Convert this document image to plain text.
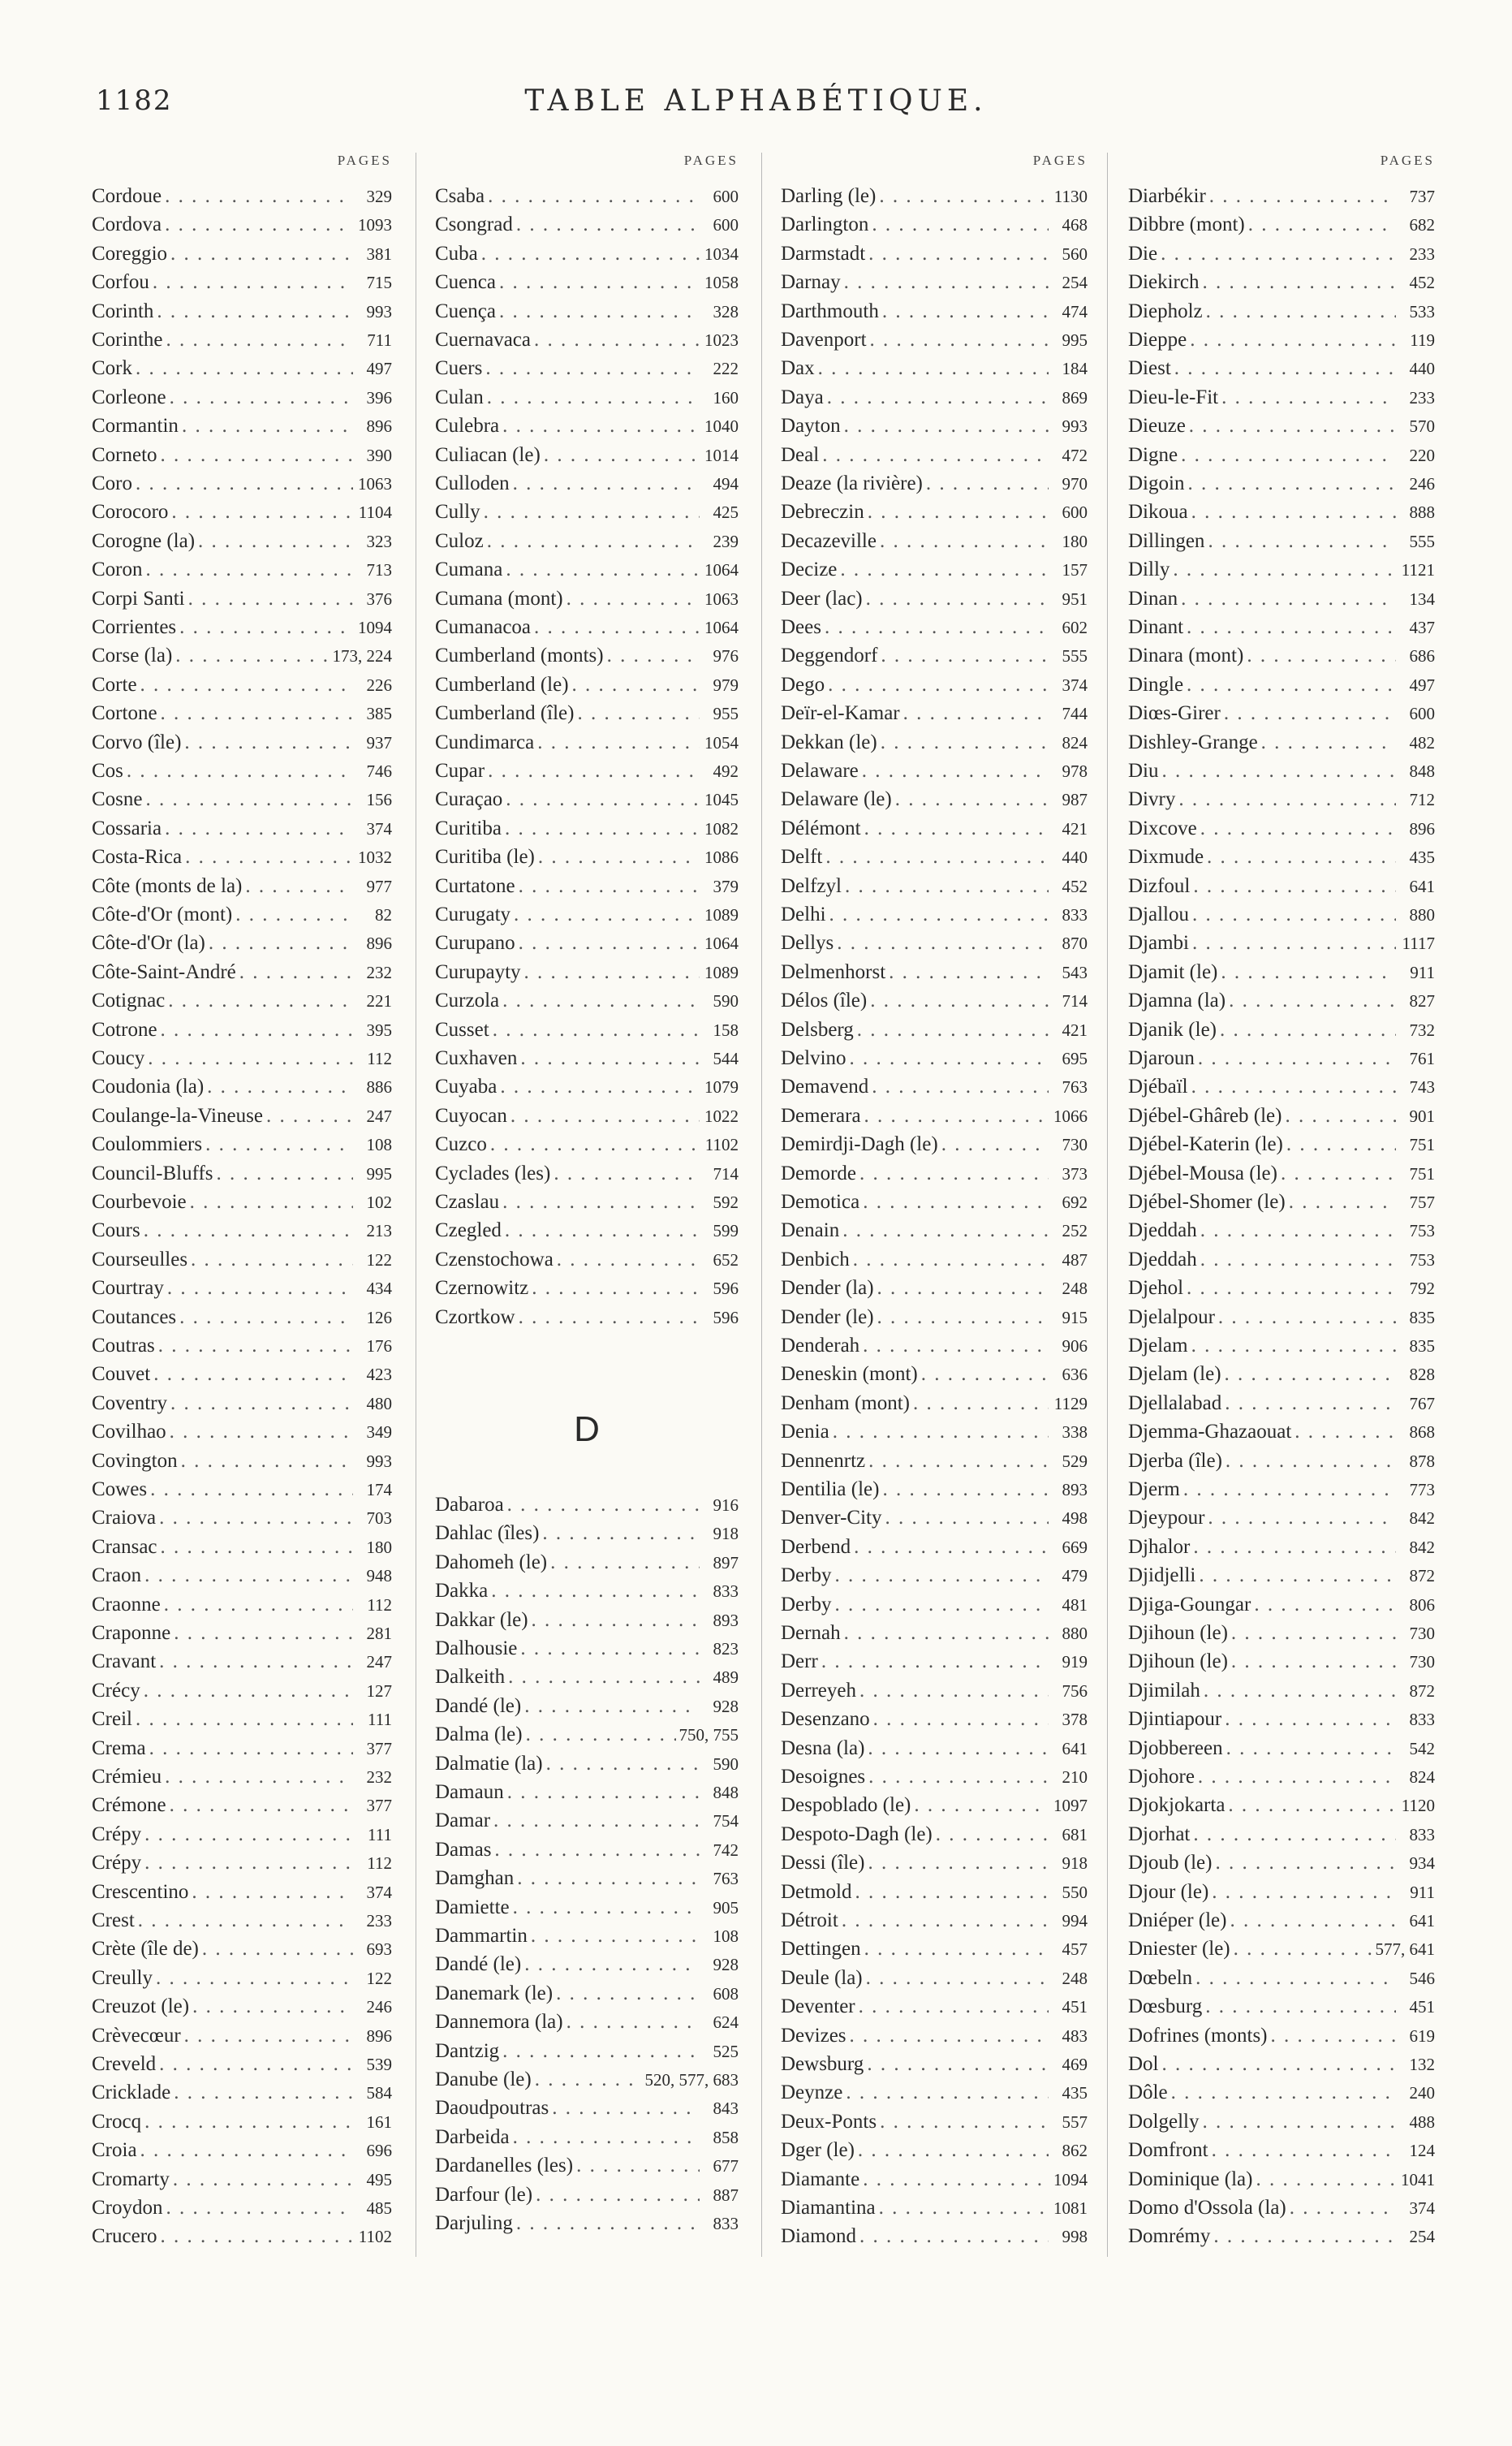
1182	TABLE ALPHABÉTIQUE.
PAGES
Cordoue . . .	329
Cordova . . .	1093
Coreggio . . .	381
Corfou . . .	715
Corinth . . .	993
Corinthe . . .	711
Cork . . .	497
Corleone . . .	396
Cormantin . . .	896
Corneto . . .	390
Coro . . .	1063
Corocoro . . .	1104
Corogne (la) . . .	323
Coron . . .	713
Corpi Santi . . .	376
Corrientes . . .	1094
Corse (la) . . .	173, 224
Corte . . .	226
Cortone . . .	385
Corvo (île) . . .	937
Cos . . .	746
Cosne . . .	156
Cossaria . . .	374
Costa-Rica . . .	1032
Côte (monts de la) . . .	977
Côte-d'Or (mont) . . .	82
Côte-d'Or (la) . . .	896
Côte-Saint-André . . .	232
Cotignac . . .	221
Cotrone . . .	395
Coucy . . .	112
Coudonia (la) . . .	886
Coulange-la-Vineuse . . .	247
Coulommiers . . .	108
Council-Bluffs . . .	995
Courbevoie . . .	102
Cours . . .	213
Courseulles . . .	122
Courtray . . .	434
Coutances . . .	126
Coutras . . .	176
Couvet . . .	423
Coventry . . .	480
Covilhao . . .	349
Covington . . .	993
Cowes . . .	174
Craiova . . .	703
Cransac . . .	180
Craon . . .	948
Craonne . . .	112
Craponne . . .	281
Cravant . . .	247
Crécy . . .	127
Creil . . .	111
Crema . . .	377
Crémieu . . .	232
Crémone . . .	377
Crépy . . .	111
Crépy . . .	112
Crescentino . . .	374
Crest . . .	233
Crète (île de) . . .	693
Creully . . .	122
Creuzot (le) . . .	246
Crèvecœur . . .	896
Creveld . . .	539
Cricklade . . .	584
Crocq . . .	161
Croia . . .	696
Cromarty . . .	495
Croydon . . .	485
Crucero . . .	1102
PAGES
Csaba . . .	600
Csongrad . . .	600
Cuba . . .	1034
Cuenca . . .	1058
Cuença . . .	328
Cuernavaca . . .	1023
Cuers . . .	222
Culan . . .	160
Culebra . . .	1040
Culiacan (le) . . .	1014
Culloden . . .	494
Cully . . .	425
Culoz . . .	239
Cumana . . .	1064
Cumana (mont) . . .	1063
Cumanacoa . . .	1064
Cumberland (monts) . . .	976
Cumberland (le) . . .	979
Cumberland (île) . . .	955
Cundimarca . . .	1054
Cupar . . .	492
Curaçao . . .	1045
Curitiba . . .	1082
Curitiba (le) . . .	1086
Curtatone . . .	379
Curugaty . . .	1089
Curupano . . .	1064
Curupayty . . .	1089
Curzola . . .	590
Cusset . . .	158
Cuxhaven . . .	544
Cuyaba . . .	1079
Cuyocan . . .	1022
Cuzco . . .	1102
Cyclades (les) . . .	714
Czaslau . . .	592
Czegled . . .	599
Czenstochowa . . .	652
Czernowitz . . .	596
Czortkow . . .	596
D
Dabaroa . . .	916
Dahlac (îles) . . .	918
Dahomeh (le) . . .	897
Dakka . . .	833
Dakkar (le) . . .	893
Dalhousie . . .	823
Dalkeith . . .	489
Dandé (le) . . .	928
Dalma (le) . . .	750, 755
Dalmatie (la) . . .	590
Damaun . . .	848
Damar . . .	754
Damas . . .	742
Damghan . . .	763
Damiette . . .	905
Dammartin . . .	108
Dandé (le) . . .	928
Danemark (le) . . .	608
Dannemora (la) . . .	624
Dantzig . . .	525
Danube (le) . . .	520, 577, 683
Daoudpoutras . . .	843
Darbeida . . .	858
Dardanelles (les) . . .	677
Darfour (le) . . .	887
Darjuling . . .	833
PAGES
Darling (le) . . .	1130
Darlington . . .	468
Darmstadt . . .	560
Darnay . . .	254
Darthmouth . . .	474
Davenport . . .	995
Dax . . .	184
Daya . . .	869
Dayton . . .	993
Deal . . .	472
Deaze (la rivière) . . .	970
Debreczin . . .	600
Decazeville . . .	180
Decize . . .	157
Deer (lac) . . .	951
Dees . . .	602
Deggendorf . . .	555
Dego . . .	374
Deïr-el-Kamar . . .	744
Dekkan (le) . . .	824
Delaware . . .	978
Delaware (le) . . .	987
Délémont . . .	421
Delft . . .	440
Delfzyl . . .	452
Delhi . . .	833
Dellys . . .	870
Delmenhorst . . .	543
Délos (île) . . .	714
Delsberg . . .	421
Delvino . . .	695
Demavend . . .	763
Demerara . . .	1066
Demirdji-Dagh (le) . . .	730
Demorde . . .	373
Demotica . . .	692
Denain . . .	252
Denbich . . .	487
Dender (la) . . .	248
Dender (le) . . .	915
Denderah . . .	906
Deneskin (mont) . . .	636
Denham (mont) . . .	1129
Denia . . .	338
Dennenrtz . . .	529
Dentilia (le) . . .	893
Denver-City . . .	498
Derbend . . .	669
Derby . . .	479
Derby . . .	481
Dernah . . .	880
Derr . . .	919
Derreyeh . . .	756
Desenzano . . .	378
Desna (la) . . .	641
Desoignes . . .	210
Despoblado (le) . . .	1097
Despoto-Dagh (le) . . .	681
Dessi (île) . . .	918
Detmold . . .	550
Détroit . . .	994
Dettingen . . .	457
Deule (la) . . .	248
Deventer . . .	451
Devizes . . .	483
Dewsburg . . .	469
Deynze . . .	435
Deux-Ponts . . .	557
Dger (le) . . .	862
Diamante . . .	1094
Diamantina . . .	1081
Diamond . . .	998
PAGES
Diarbékir . . .	737
Dibbre (mont) . . .	682
Die . . .	233
Diekirch . . .	452
Diepholz . . .	533
Dieppe . . .	119
Diest . . .	440
Dieu-le-Fit . . .	233
Dieuze . . .	570
Digne . . .	220
Digoin . . .	246
Dikoua . . .	888
Dillingen . . .	555
Dilly . . .	1121
Dinan . . .	134
Dinant . . .	437
Dinara (mont) . . .	686
Dingle . . .	497
Diœs-Girer . . .	600
Dishley-Grange . . .	482
Diu . . .	848
Divry . . .	712
Dixcove . . .	896
Dixmude . . .	435
Dizfoul . . .	641
Djallou . . .	880
Djambi . . .	1117
Djamit (le) . . .	911
Djamna (la) . . .	827
Djanik (le) . . .	732
Djaroun . . .	761
Djébaïl . . .	743
Djébel-Ghâreb (le) . . .	901
Djébel-Katerin (le) . . .	751
Djébel-Mousa (le) . . .	751
Djébel-Shomer (le) . . .	757
Djeddah . . .	753
Djeddah . . .	753
Djehol . . .	792
Djelalpour . . .	835
Djelam . . .	835
Djelam (le) . . .	828
Djellalabad . . .	767
Djemma-Ghazaouat . . .	868
Djerba (île) . . .	878
Djerm . . .	773
Djeypour . . .	842
Djhalor . . .	842
Djidjelli . . .	872
Djiga-Goungar . . .	806
Djihoun (le) . . .	730
Djihoun (le) . . .	730
Djimilah . . .	872
Djintiapour . . .	833
Djobbereen . . .	542
Djohore . . .	824
Djokjokarta . . .	1120
Djorhat . . .	833
Djoub (le) . . .	934
Djour (le) . . .	911
Dniéper (le) . . .	641
Dniester (le) . . .	577, 641
Dœbeln . . .	546
Dœsburg . . .	451
Dofrines (monts) . . .	619
Dol . . .	132
Dôle . . .	240
Dolgelly . . .	488
Domfront . . .	124
Dominique (la) . . .	1041
Domo d'Ossola (la) . . .	374
Domrémy . . .	254
